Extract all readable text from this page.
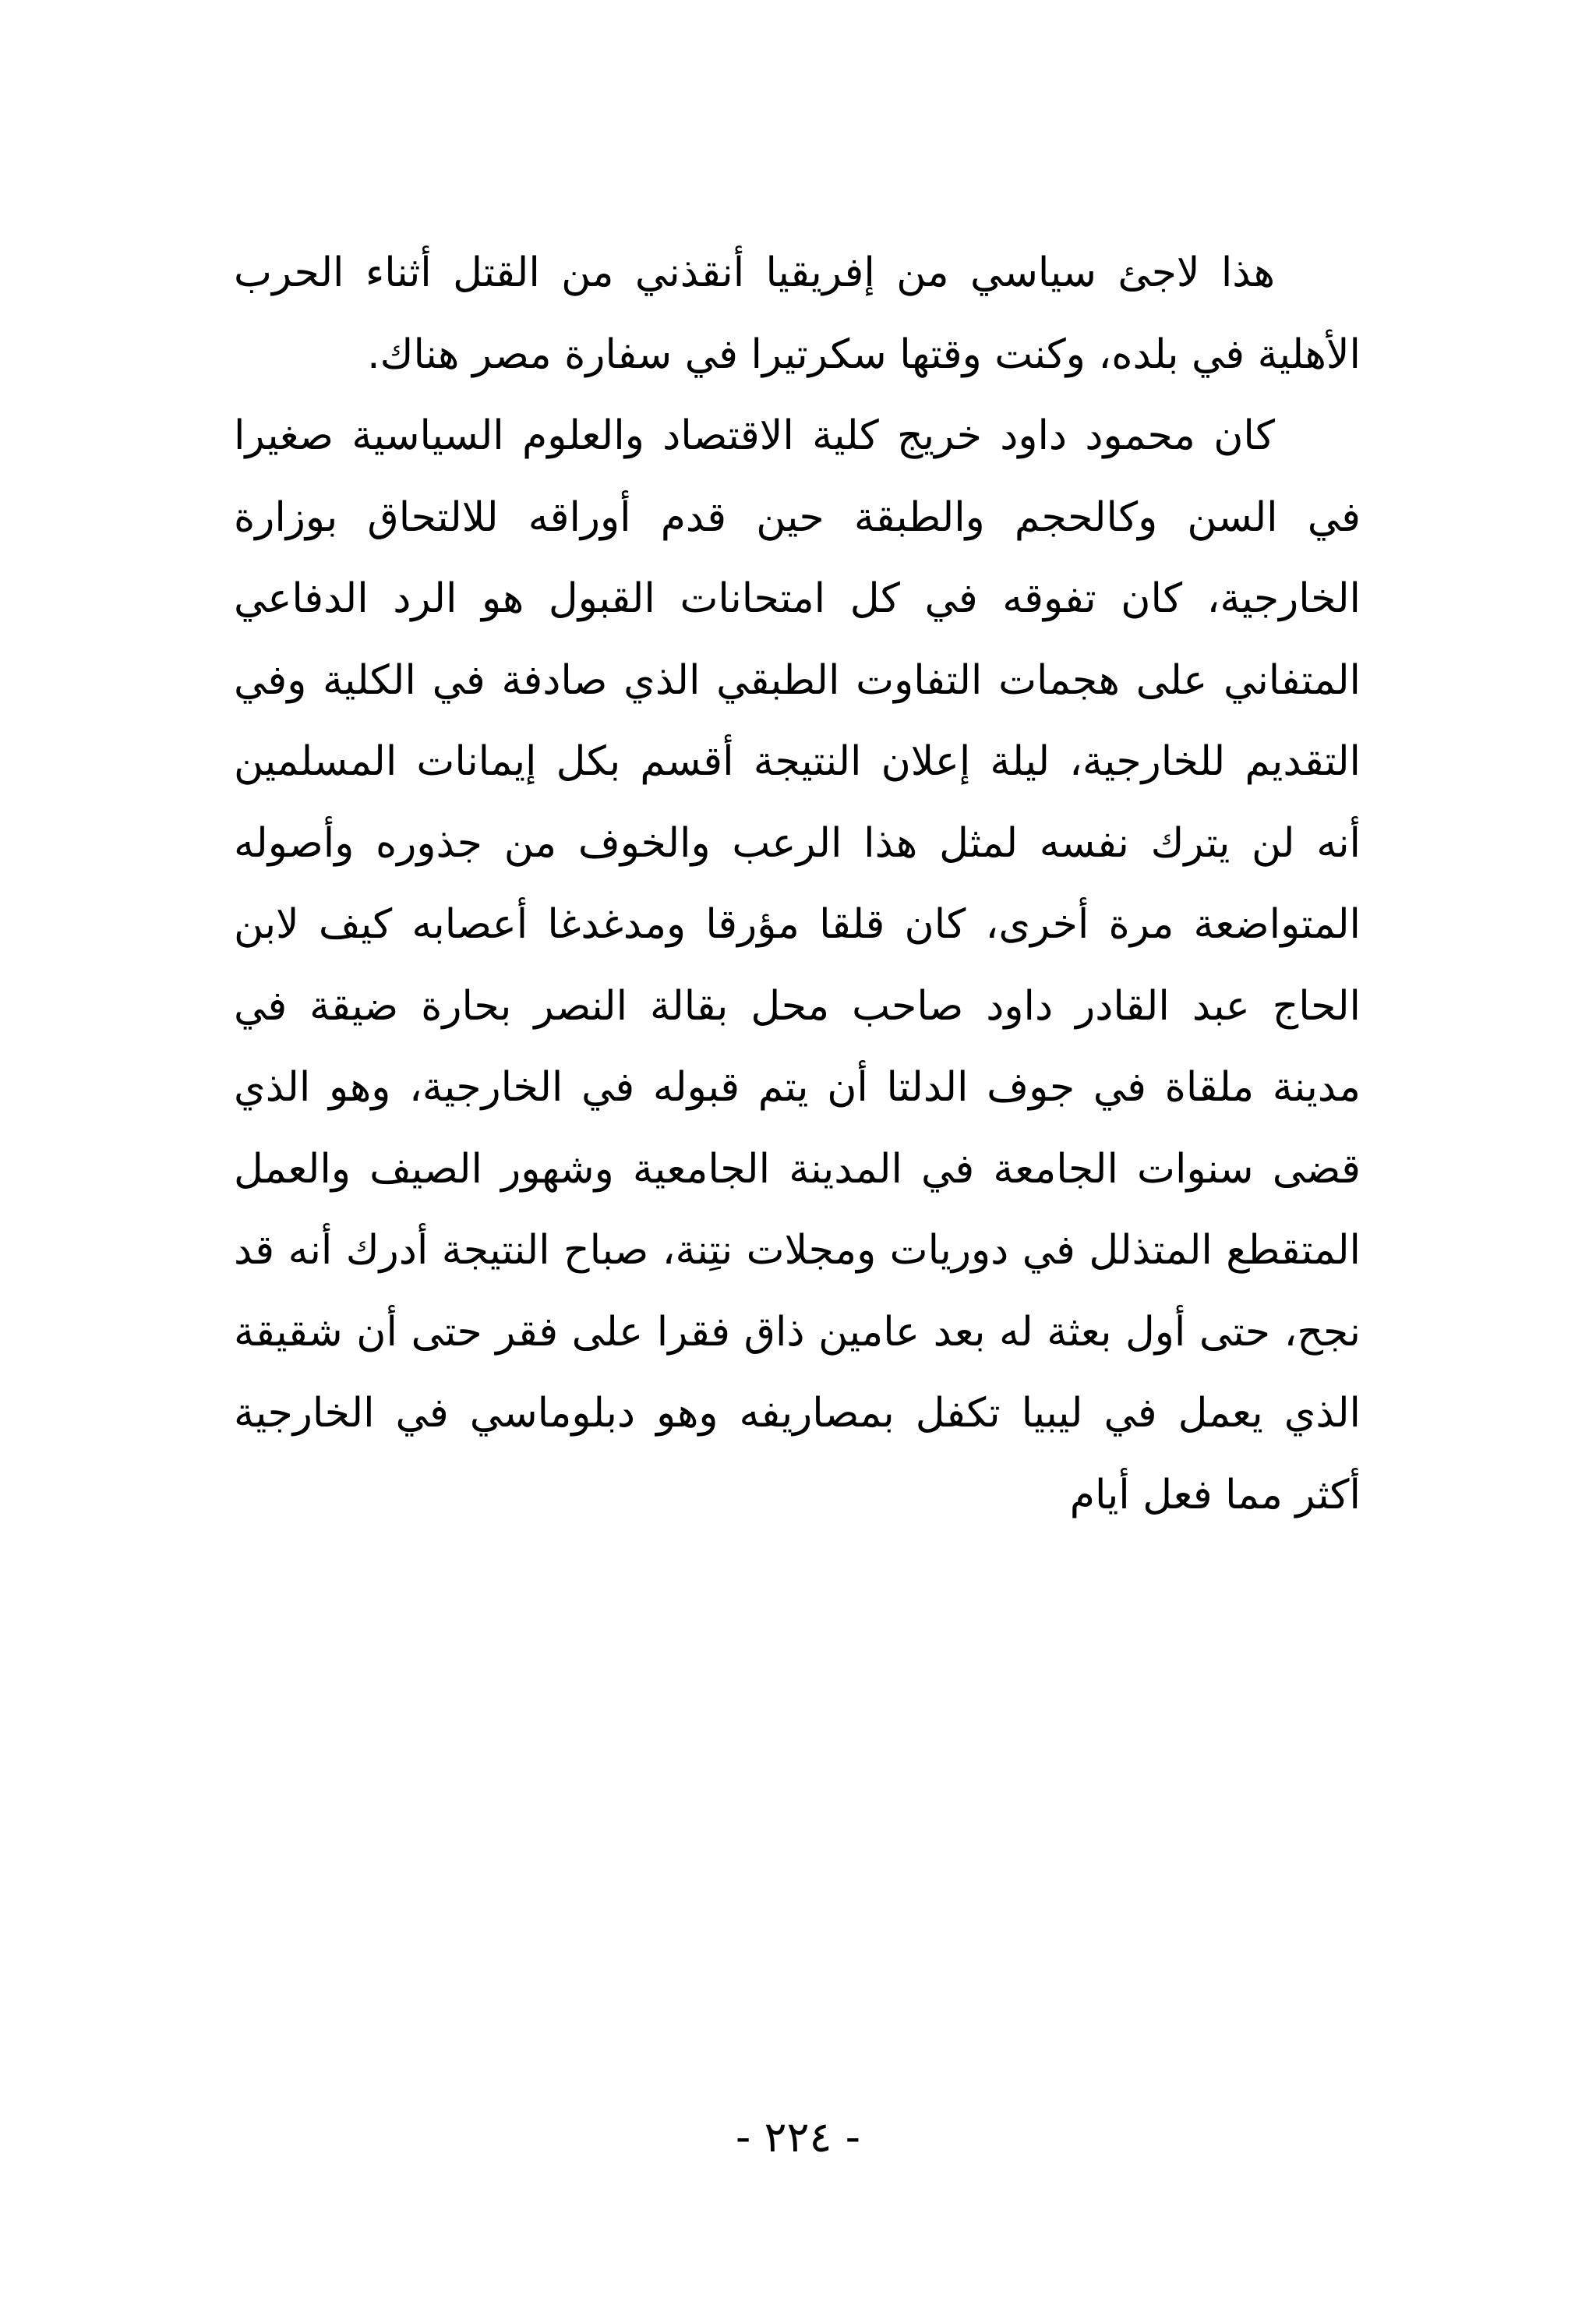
هذا لاجئ سياسي من إفريقيا أنقذني من القتل أثناء الحرب الأهلية في بلده، وكنت وقتها سكرتيرا في سفارة مصر هناك.

كان محمود داود خريج كلية الاقتصاد والعلوم السياسية صغيرا في السن وكالحجم والطبقة حين قدم أوراقه للالتحاق بوزارة الخارجية، كان تفوقه في كل امتحانات القبول هو الرد الدفاعي المتفاني على هجمات التفاوت الطبقي الذي صادفة في الكلية وفي التقديم للخارجية، ليلة إعلان النتيجة أقسم بكل إيمانات المسلمين أنه لن يترك نفسه لمثل هذا الرعب والخوف من جذوره وأصوله المتواضعة مرة أخرى، كان قلقا مؤرقا ومدغدغا أعصابه كيف لابن الحاج عبد القادر داود صاحب محل بقالة النصر بحارة ضيقة في مدينة ملقاة في جوف الدلتا أن يتم قبوله في الخارجية، وهو الذي قضى سنوات الجامعة في المدينة الجامعية وشهور الصيف والعمل المتقطع المتذلل في دوريات ومجلات نتِنة، صباح النتيجة أدرك أنه قد نجح، حتى أول بعثة له بعد عامين ذاق فقرا على فقر حتى أن شقيقة الذي يعمل في ليبيا تكفل بمصاريفه وهو دبلوماسي في الخارجية أكثر مما فعل أيام

- ٢٢٤ -
